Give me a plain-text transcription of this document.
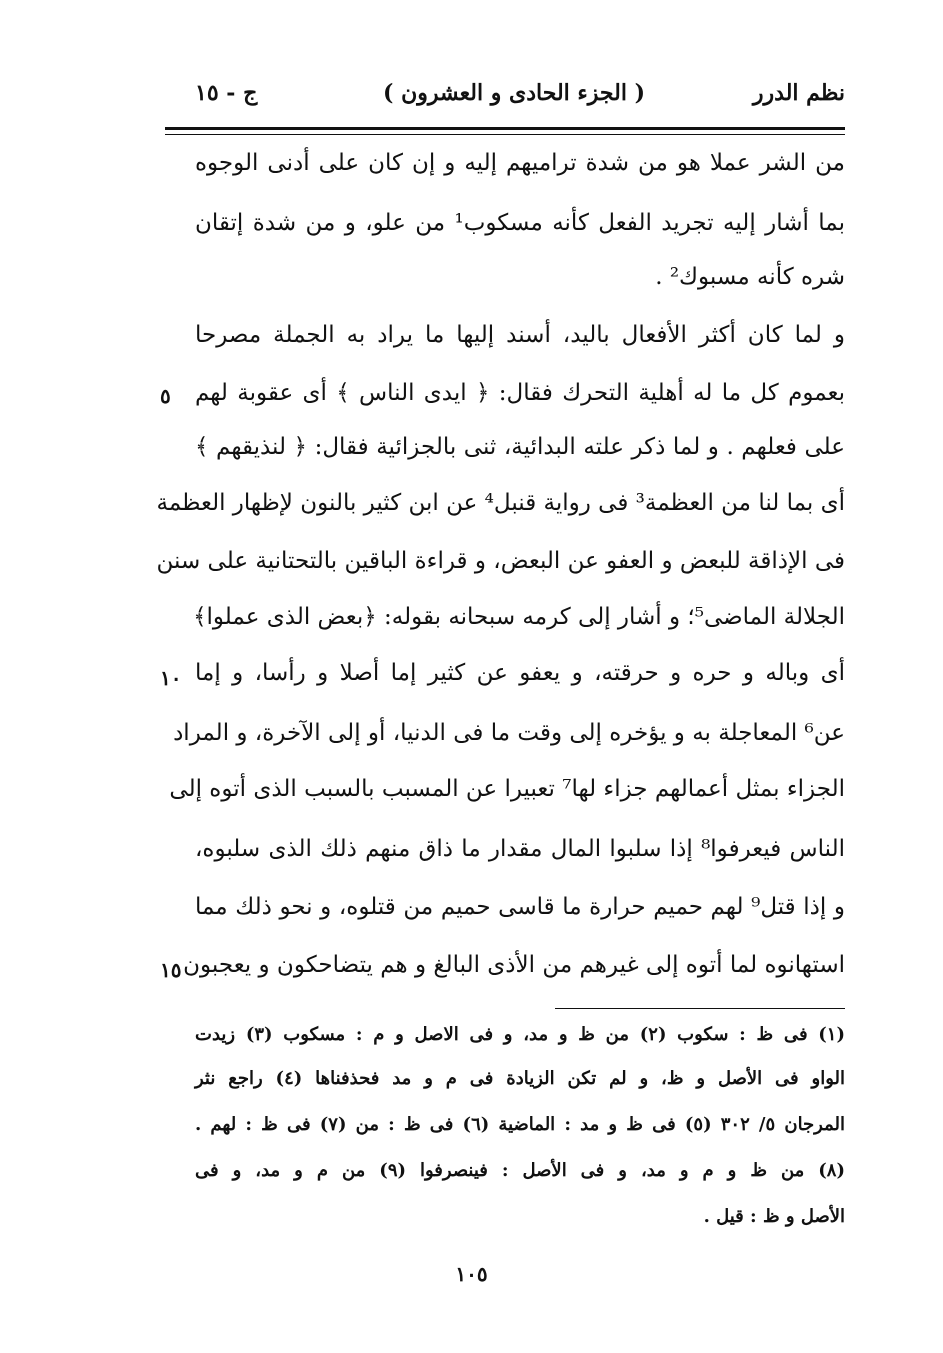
نظم الدرر
( الجزء الحادى و العشرون )
ج - ١٥
من الشر عملا هو من شدة ترامیهم إليه و إن كان على أدنى الوجوه
بما أشار إليه تجريد الفعل كأنه مسكوب¹ من علو، و من شدة إتقان
شره كأنه مسبوك² .
و لما كان أكثر الأفعال باليد، أسند إليها ما يراد به الجملة مصرحا
بعموم كل ما له أهلية التحرك فقال: ﴿ ايدى الناس ﴾ أى عقوبة لهم
على فعلهم . و لما ذكر علته البدائية، ثنى بالجزائية فقال: ﴿ لنذيقهم ﴾
أى بما لنا من العظمة³ فى رواية قنبل⁴ عن ابن كثير بالنون لإظهار العظمة
فى الإذاقة للبعض و العفو عن البعض، و قراءة الباقين بالتحتانية على سنن
الجلالة الماضى⁵؛ و أشار إلى كرمه سبحانه بقوله: ﴿بعض الذى عملوا﴾
أى وباله و حره و حرقته، و يعفو عن كثير إما أصلا و رأسا، و إما
عن⁶ المعاجلة به و يؤخره إلى وقت ما فى الدنيا، أو إلى الآخرة، و المراد
الجزاء بمثل أعمالهم جزاء لها⁷ تعبيرا عن المسبب بالسبب الذى أتوه إلى
الناس فيعرفوا⁸ إذا سلبوا المال مقدار ما ذاق منهم ذلك الذى سلبوه،
و إذا قتل⁹ لهم حميم حرارة ما قاسى حميم من قتلوه، و نحو ذلك مما
استهانوه لما أتوه إلى غيرهم من الأذى البالغ و هم يتضاحكون و يعجبون
٥
١٠
١٥
(١) فى ظ : سكوب (٢) من ظ و مد، و فى الاصل و م : مسكوب (٣) زيدت
الواو فى الأصل و ظ، و لم تكن الزيادة فى م و مد فحذفناها (٤) راجع نثر
المرجان ٥/ ٣٠٢ (٥) فى ظ و مد : الماضية (٦) فى ظ : من (٧) فى ظ : لهم .
(٨) من ظ و م و مد، و فى الأصل : فينصرفوا (٩) من م و مد، و فى
الأصل و ظ : قيل .
١٠٥
